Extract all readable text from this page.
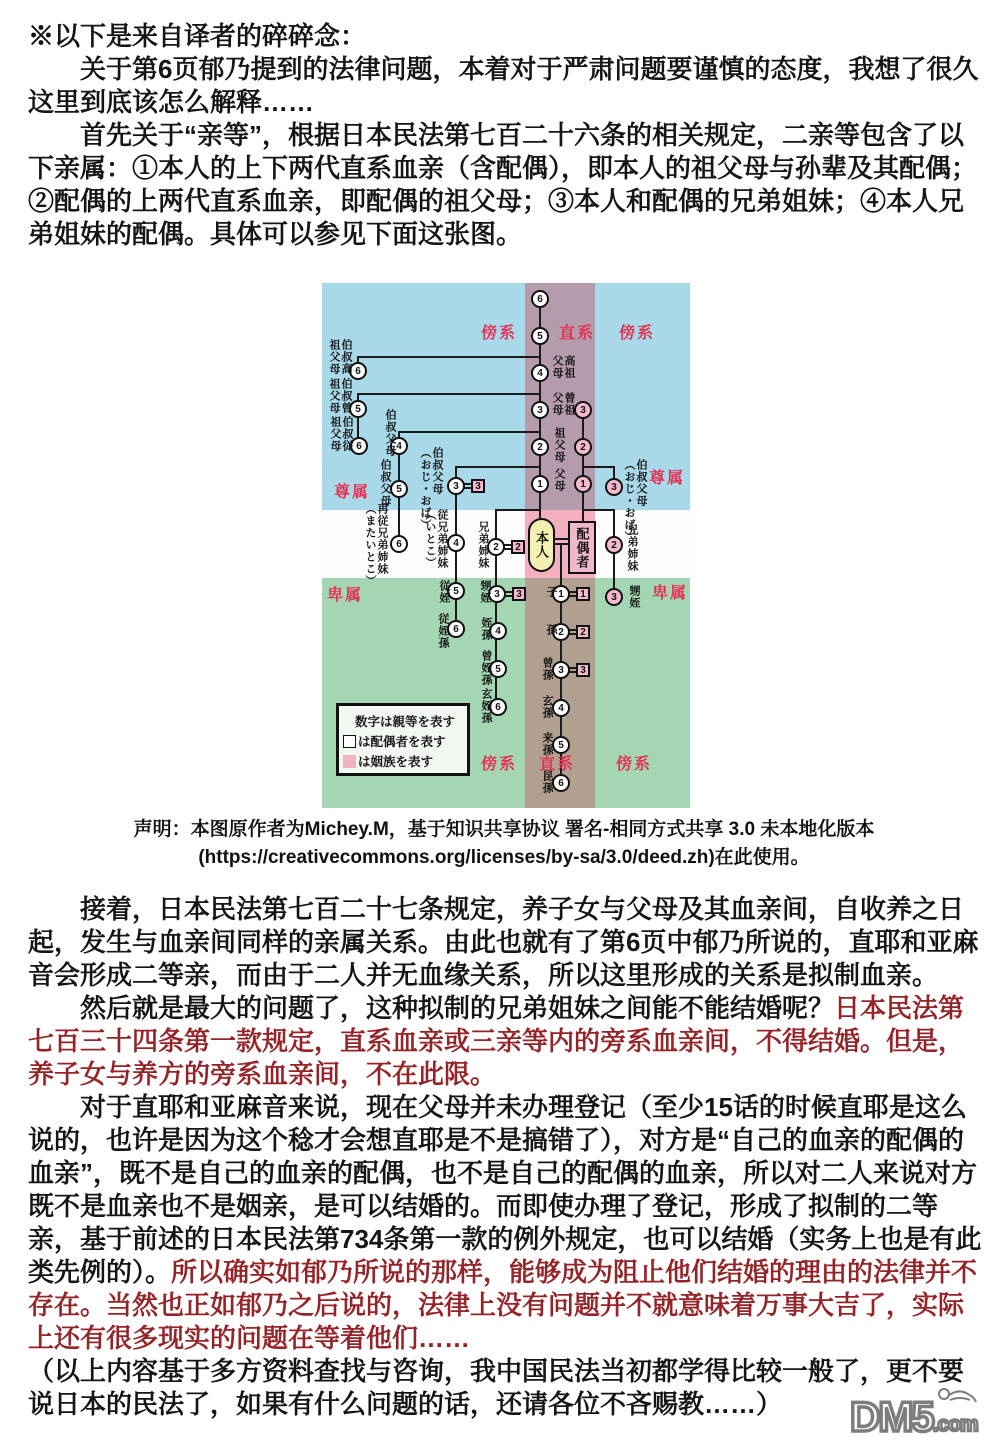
※以下是来自译者的碎碎念：

关于第6页郁乃提到的法律问题，本着对于严肃问题要谨慎的态度，我想了很久这里到底该怎么解释……

首先关于“亲等”，根据日本民法第七百二十六条的相关规定，二亲等包含了以下亲属：①本人的上下两代直系血亲（含配偶），即本人的祖父母与孙辈及其配偶；②配偶的上两代直系血亲，即配偶的祖父母；③本人和配偶的兄弟姐妹；④本人兄弟姐妹的配偶。具体可以参见下面这张图。

本人 配偶者
数字は親等を表す
は配偶者を表す
は姻族を表す
6
5
4
3
2
1
6
5
6	4
5
6
3
4
5
6
2
3
4
5
6
1
2
3
4
5
6
3
2
1	3
2
3
3
2
3	1
2
3
高祖
父母
曾祖
父母
祖父母
父母
伯叔高
祖父母
伯叔曾
祖父母
伯叔従
祖父母	伯叔父母
伯叔父母
再従兄弟姉妹
（またいとこ）
伯叔父母
（おじ・おば）
従兄弟姉妹
（いとこ）
従姪
従姪孫
兄弟姉妹
甥姪
姪孫
曾姪孫
玄姪孫
子
孫
曾孫
玄孫
来孫
昆孫
伯叔父母
（おじ・おば）
兄弟姉妹
甥姪
傍系	直系 傍系
尊属
尊属
卑属	卑属
傍系 直系	傍系
声明：本图原作者为Michey.M，基于知识共享协议 署名-相同方式共享 3.0 未本地化版本
(https://creativecommons.org/licenses/by-sa/3.0/deed.zh)在此使用。

接着，日本民法第七百二十七条规定，养子女与父母及其血亲间，自收养之日起，发生与血亲间同样的亲属关系。由此也就有了第6页中郁乃所说的，直耶和亚麻音会形成二等亲，而由于二人并无血缘关系，所以这里形成的关系是拟制血亲。

然后就是最大的问题了，这种拟制的兄弟姐妹之间能不能结婚呢？日本民法第七百三十四条第一款规定，直系血亲或三亲等内的旁系血亲间，不得结婚。但是，养子女与养方的旁系血亲间，不在此限。

对于直耶和亚麻音来说，现在父母并未办理登记（至少15话的时候直耶是这么说的，也许是因为这个稔才会想直耶是不是搞错了），对方是“自己的血亲的配偶的血亲”，既不是自己的血亲的配偶，也不是自己的配偶的血亲，所以对二人来说对方既不是血亲也不是姻亲，是可以结婚的。而即使办理了登记，形成了拟制的二等亲，基于前述的日本民法第734条第一款的例外规定，也可以结婚（实务上也是有此类先例的）。所以确实如郁乃所说的那样，能够成为阻止他们结婚的理由的法律并不存在。当然也正如郁乃之后说的，法律上没有问题并不就意味着万事大吉了，实际上还有很多现实的问题在等着他们……

（以上内容基于多方资料查找与咨询，我中国民法当初都学得比较一般了，更不要说日本的民法了，如果有什么问题的话，还请各位不吝赐教……）	DM5.com
